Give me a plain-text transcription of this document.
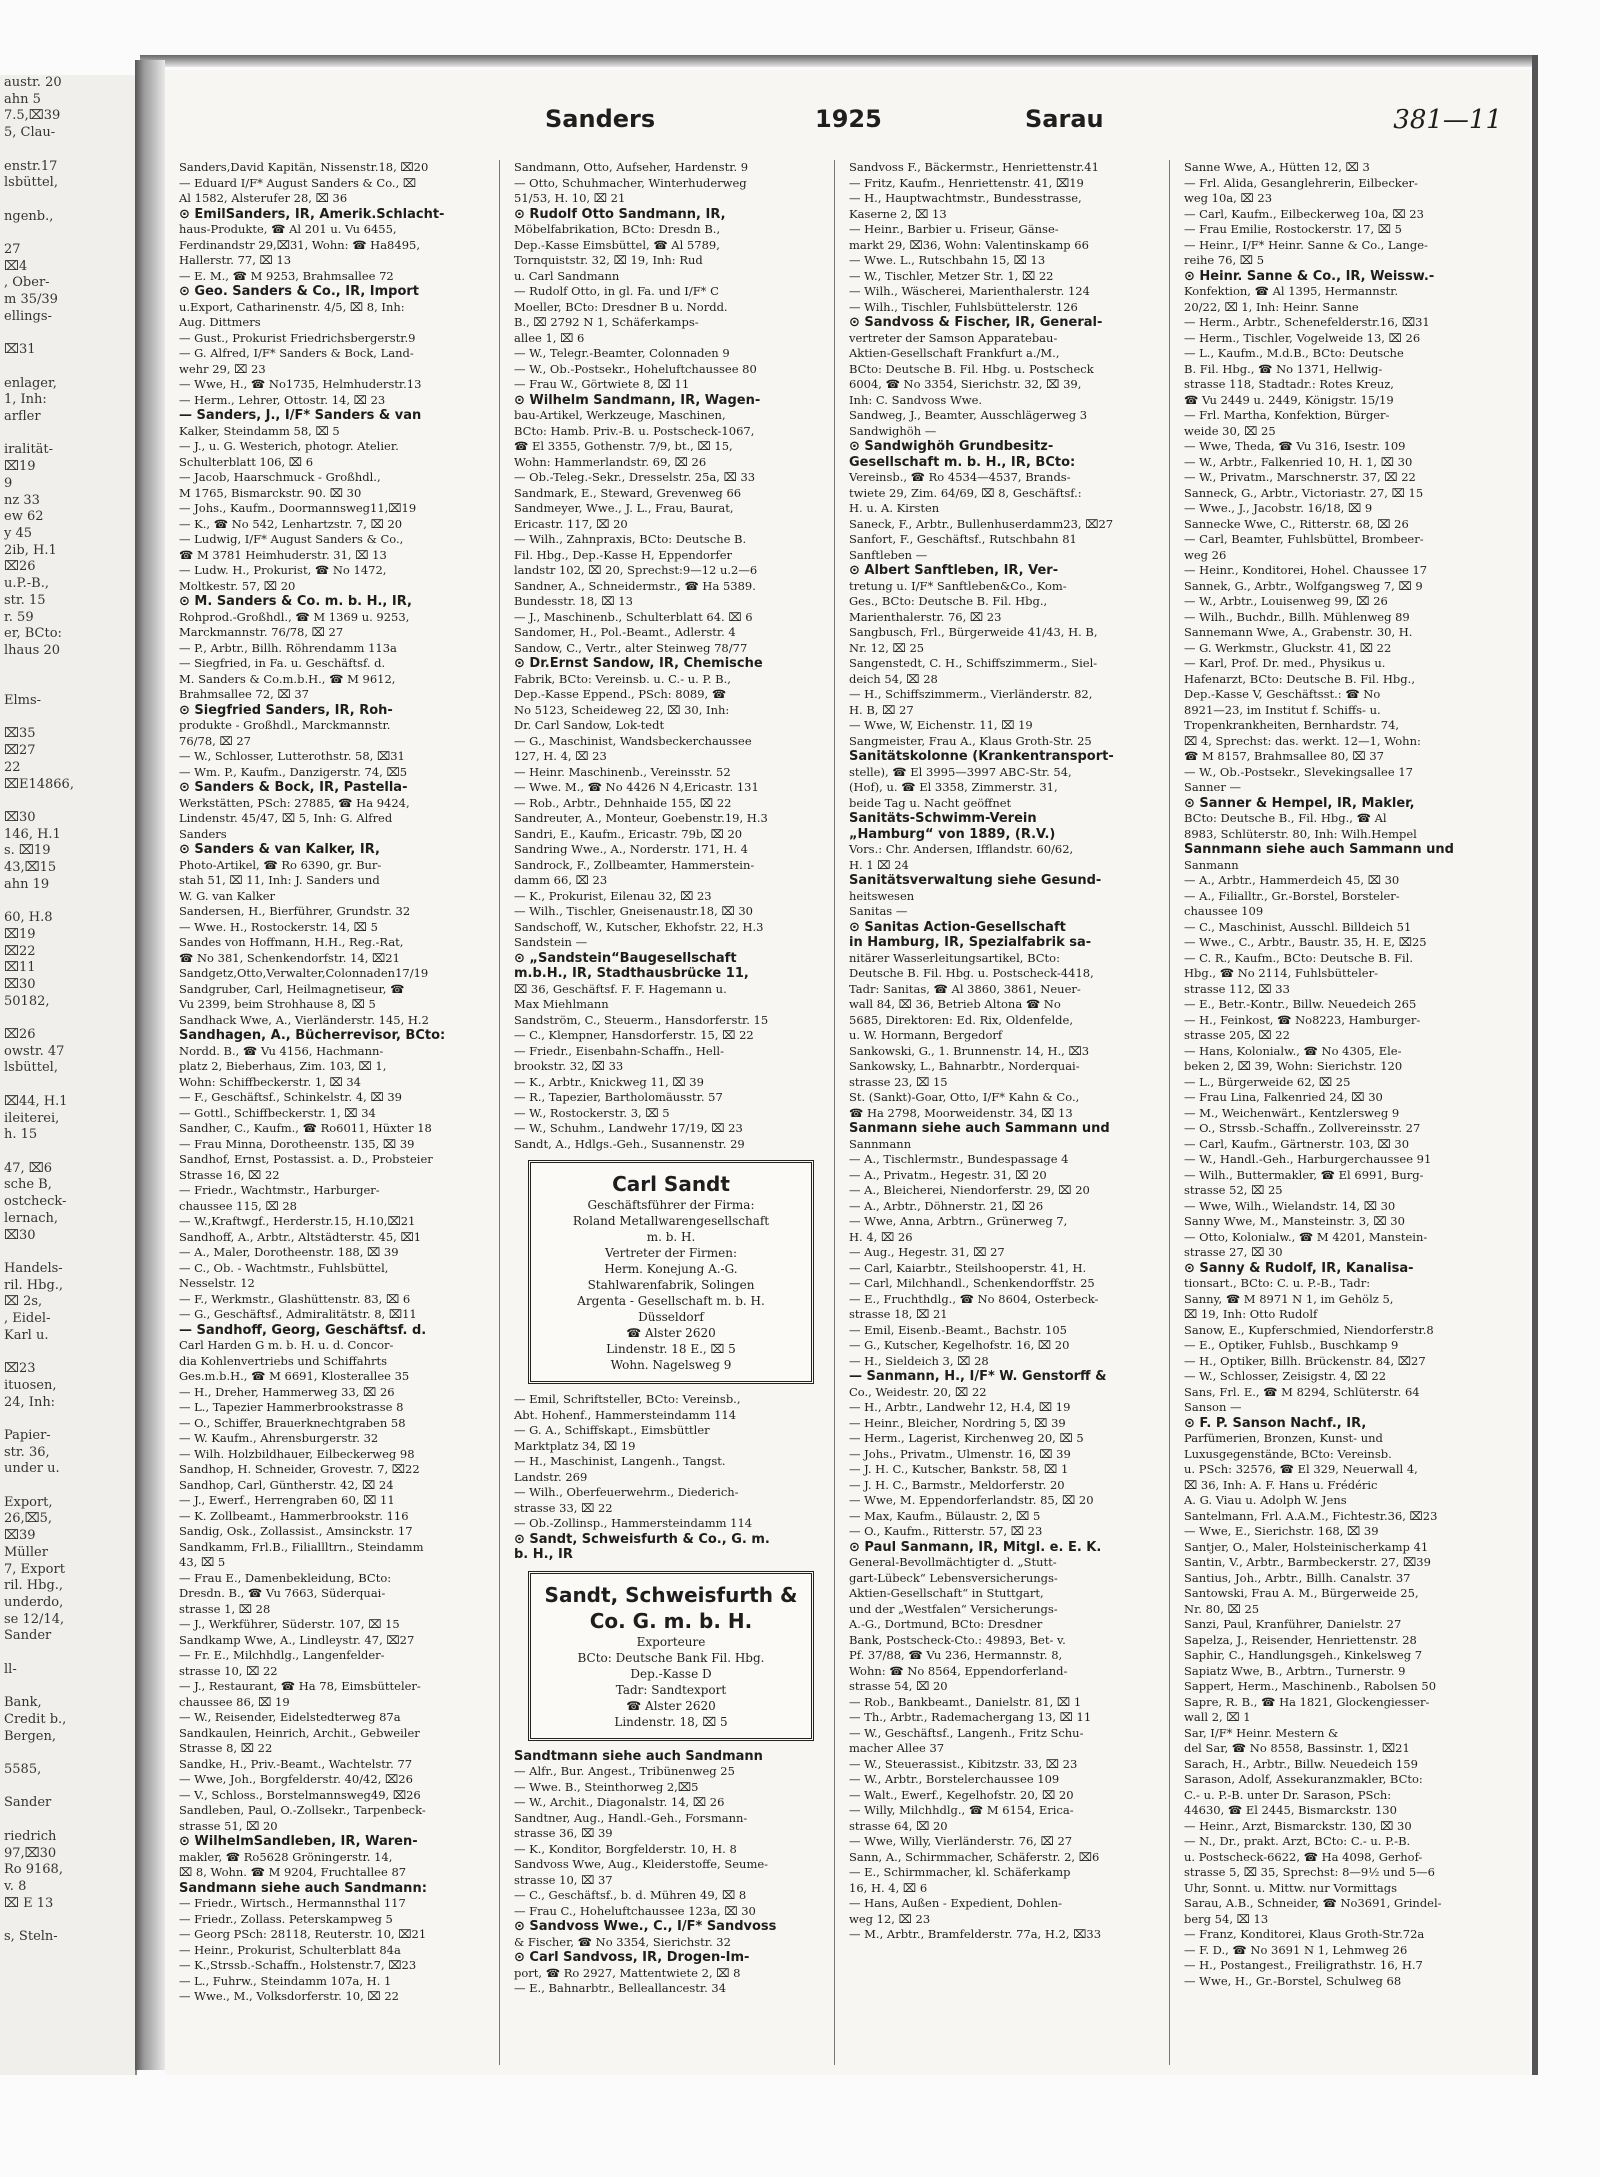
austr. 20
ahn 5
7.5,⌧39
5, Clau-

enstr.17
lsbüttel,

ngenb.,

27
⌧4
, Ober-
m 35/39
ellings-

⌧31

enlager,
1, Inh:
arfler

iralität-
⌧19
9
nz 33
ew 62
y 45
2ib, H.1
⌧26
u.P.-B.,
str. 15
r. 59
er, BCto:
lhaus 20

Elms-

⌧35
⌧27
22
⌧E14866,

⌧30
146, H.1
s. ⌧19
43,⌧15
ahn 19

60, H.8
⌧19
⌧22
⌧11
⌧30
50182,

⌧26
owstr. 47
lsbüttel,

⌧44, H.1
ileiterei,
h. 15

47, ⌧6
sche B,
ostcheck-
lernach,
⌧30

Handels-
ril. Hbg.,
⌧ 2s,
, Eidel-
Karl u.

⌧23
ituosen,
24, Inh:

Papier-
str. 36,
under u.

Export,
26,⌧5,
⌧39
Müller
7, Export
ril. Hbg.,
underdo,
se 12/14,
Sander

ll-

Bank,
Credit b.,
Bergen,

5585,

Sander

riedrich
97,⌧30
Ro 9168,
v. 8
⌧ E 13

s, Steln-
Sanders	1925	Sarau	381—11
Sanders,David Kapitän, Nissenstr.18, ⌧20
— Eduard I/F* August Sanders & Co., ⌧
Al 1582, Alsterufer 28, ⌧ 36
⊙ EmilSanders, IR, Amerik.Schlacht-
haus-Produkte, ☎ Al 201 u. Vu 6455,
Ferdinandstr 29,⌧31, Wohn: ☎ Ha8495,
Hallerstr. 77, ⌧ 13
— E. M., ☎ M 9253, Brahmsallee 72
⊙ Geo. Sanders & Co., IR, Import
u.Export, Catharinenstr. 4/5, ⌧ 8, Inh:
Aug. Dittmers
— Gust., Prokurist Friedrichsbergerstr.9
— G. Alfred, I/F* Sanders & Bock, Land-
wehr 29, ⌧ 23
— Wwe, H., ☎ No1735, Helmhuderstr.13
— Herm., Lehrer, Ottostr. 14, ⌧ 23
— Sanders, J., I/F* Sanders & van
Kalker, Steindamm 58, ⌧ 5
— J., u. G. Westerich, photogr. Atelier.
Schulterblatt 106, ⌧ 6
— Jacob, Haarschmuck - Großhdl.,
M 1765, Bismarckstr. 90. ⌧ 30
— Johs., Kaufm., Doormannsweg11,⌧19
— K., ☎ No 542, Lenhartzstr. 7, ⌧ 20
— Ludwig, I/F* August Sanders & Co.,
☎ M 3781 Heimhuderstr. 31, ⌧ 13
— Ludw. H., Prokurist, ☎ No 1472,
Moltkestr. 57, ⌧ 20
⊙ M. Sanders & Co. m. b. H., IR,
Rohprod.-Großhdl., ☎ M 1369 u. 9253,
Marckmannstr. 76/78, ⌧ 27
— P., Arbtr., Billh. Röhrendamm 113a
— Siegfried, in Fa. u. Geschäftsf. d.
M. Sanders & Co.m.b.H., ☎ M 9612,
Brahmsallee 72, ⌧ 37
⊙ Siegfried Sanders, IR, Roh-
produkte - Großhdl., Marckmannstr.
76/78, ⌧ 27
— W., Schlosser, Lutterothstr. 58, ⌧31
— Wm. P., Kaufm., Danzigerstr. 74, ⌧5
⊙ Sanders & Bock, IR, Pastella-
Werkstätten, PSch: 27885, ☎ Ha 9424,
Lindenstr. 45/47, ⌧ 5, Inh: G. Alfred
Sanders
⊙ Sanders & van Kalker, IR,
Photo-Artikel, ☎ Ro 6390, gr. Bur-
stah 51, ⌧ 11, Inh: J. Sanders und
W. G. van Kalker
Sandersen, H., Bierführer, Grundstr. 32
— Wwe. H., Rostockerstr. 14, ⌧ 5
Sandes von Hoffmann, H.H., Reg.-Rat,
☎ No 381, Schenkendorfstr. 14, ⌧21
Sandgetz,Otto,Verwalter,Colonnaden17/19
Sandgruber, Carl, Heilmagnetiseur, ☎
Vu 2399, beim Strohhause 8, ⌧ 5
Sandhack Wwe, A., Vierländerstr. 145, H.2
Sandhagen, A., Bücherrevisor, BCto:
Nordd. B., ☎ Vu 4156, Hachmann-
platz 2, Bieberhaus, Zim. 103, ⌧ 1,
Wohn: Schiffbeckerstr. 1, ⌧ 34
— F., Geschäftsf., Schinkelstr. 4, ⌧ 39
— Gottl., Schiffbeckerstr. 1, ⌧ 34
Sandher, C., Kaufm., ☎ Ro6011, Hüxter 18
— Frau Minna, Dorotheenstr. 135, ⌧ 39
Sandhof, Ernst, Postassist. a. D., Probsteier
Strasse 16, ⌧ 22
— Friedr., Wachtmstr., Harburger-
chaussee 115, ⌧ 28
— W.,Kraftwgf., Herderstr.15, H.10,⌧21
Sandhoff, A., Arbtr., Altstädterstr. 45, ⌧1
— A., Maler, Dorotheenstr. 188, ⌧ 39
— C., Ob. - Wachtmstr., Fuhlsbüttel,
Nesselstr. 12
— F., Werkmstr., Glashüttenstr. 83, ⌧ 6
— G., Geschäftsf., Admiralitätstr. 8, ⌧11
— Sandhoff, Georg, Geschäftsf. d.
Carl Harden G m. b. H. u. d. Concor-
dia Kohlenvertriebs und Schiffahrts
Ges.m.b.H., ☎ M 6691, Klosterallee 35
— H., Dreher, Hammerweg 33, ⌧ 26
— L., Tapezier Hammerbrookstrasse 8
— O., Schiffer, Brauerknechtgraben 58
— W. Kaufm., Ahrensburgerstr. 32
— Wilh. Holzbildhauer, Eilbeckerweg 98
Sandhop, H. Schneider, Grovestr. 7, ⌧22
Sandhop, Carl, Güntherstr. 42, ⌧ 24
— J., Ewerf., Herrengraben 60, ⌧ 11
— K. Zollbeamt., Hammerbrookstr. 116
Sandig, Osk., Zollassist., Amsinckstr. 17
Sandkamm, Frl.B., Filiallltrn., Steindamm
43, ⌧ 5
— Frau E., Damenbekleidung, BCto:
Dresdn. B., ☎ Vu 7663, Süderquai-
strasse 1, ⌧ 28
— J., Werkführer, Süderstr. 107, ⌧ 15
Sandkamp Wwe, A., Lindleystr. 47, ⌧27
— Fr. E., Milchhdlg., Langenfelder-
strasse 10, ⌧ 22
— J., Restaurant, ☎ Ha 78, Eimsbütteler-
chaussee 86, ⌧ 19
— W., Reisender, Eidelstedterweg 87a
Sandkaulen, Heinrich, Archit., Gebweiler
Strasse 8, ⌧ 22
Sandke, H., Priv.-Beamt., Wachtelstr. 77
— Wwe, Joh., Borgfelderstr. 40/42, ⌧26
— V., Schloss., Borstelmannsweg49, ⌧26
Sandleben, Paul, O.-Zollsekr., Tarpenbeck-
strasse 51, ⌧ 20
⊙ WilhelmSandleben, IR, Waren-
makler, ☎ Ro5628 Gröningerstr. 14,
⌧ 8, Wohn. ☎ M 9204, Fruchtallee 87
Sandmann siehe auch Sandmann:
— Friedr., Wirtsch., Hermannsthal 117
— Friedr., Zollass. Peterskampweg 5
— Georg PSch: 28118, Reuterstr. 10, ⌧21
— Heinr., Prokurist, Schulterblatt 84a
— K.,Strssb.-Schaffn., Holstenstr.7, ⌧23
— L., Fuhrw., Steindamm 107a, H. 1
— Wwe., M., Volksdorferstr. 10, ⌧ 22
Sandmann, Otto, Aufseher, Hardenstr. 9
— Otto, Schuhmacher, Winterhuderweg
51/53, H. 10, ⌧ 21
⊙ Rudolf Otto Sandmann, IR,
Möbelfabrikation, BCto: Dresdn B.,
Dep.-Kasse Eimsbüttel, ☎ Al 5789,
Tornquiststr. 32, ⌧ 19, Inh: Rud
u. Carl Sandmann
— Rudolf Otto, in gl. Fa. und I/F* C
Moeller, BCto: Dresdner B u. Nordd.
B., ⌧ 2792 N 1, Schäferkamps-
allee 1, ⌧ 6
— W., Telegr.-Beamter, Colonnaden 9
— W., Ob.-Postsekr., Hoheluftchaussee 80
— Frau W., Görtwiete 8, ⌧ 11
⊙ Wilhelm Sandmann, IR, Wagen-
bau-Artikel, Werkzeuge, Maschinen,
BCto: Hamb. Priv.-B. u. Postscheck-1067,
☎ El 3355, Gothenstr. 7/9, bt., ⌧ 15,
Wohn: Hammerlandstr. 69, ⌧ 26
— Ob.-Teleg.-Sekr., Dresselstr. 25a, ⌧ 33
Sandmark, E., Steward, Grevenweg 66
Sandmeyer, Wwe., J. L., Frau, Baurat,
Ericastr. 117, ⌧ 20
— Wilh., Zahnpraxis, BCto: Deutsche B.
Fil. Hbg., Dep.-Kasse H, Eppendorfer
landstr 102, ⌧ 20, Sprechst:9—12 u.2—6
Sandner, A., Schneidermstr., ☎ Ha 5389.
Bundesstr. 18, ⌧ 13
— J., Maschinenb., Schulterblatt 64. ⌧ 6
Sandomer, H., Pol.-Beamt., Adlerstr. 4
Sandow, C., Vertr., alter Steinweg 78/77
⊙ Dr.Ernst Sandow, IR, Chemische
Fabrik, BCto: Vereinsb. u. C.- u. P. B.,
Dep.-Kasse Eppend., PSch: 8089, ☎
No 5123, Scheideweg 22, ⌧ 30, Inh:
Dr. Carl Sandow, Lok-tedt
— G., Maschinist, Wandsbeckerchaussee
127, H. 4, ⌧ 23
— Heinr. Maschinenb., Vereinsstr. 52
— Wwe. M., ☎ No 4426 N 4,Ericastr. 131
— Rob., Arbtr., Dehnhaide 155, ⌧ 22
Sandreuter, A., Monteur, Goebenstr.19, H.3
Sandri, E., Kaufm., Ericastr. 79b, ⌧ 20
Sandring Wwe., A., Norderstr. 171, H. 4
Sandrock, F., Zollbeamter, Hammerstein-
damm 66, ⌧ 23
— K., Prokurist, Eilenau 32, ⌧ 23
— Wilh., Tischler, Gneisenaustr.18, ⌧ 30
Sandschoff, W., Kutscher, Ekhofstr. 22, H.3
Sandstein —
⊙ „Sandstein“Baugesellschaft
m.b.H., IR, Stadthausbrücke 11,
⌧ 36, Geschäftsf. F. F. Hagemann u.
Max Miehlmann
Sandström, C., Steuerm., Hansdorferstr. 15
— C., Klempner, Hansdorferstr. 15, ⌧ 22
— Friedr., Eisenbahn-Schaffn., Hell-
brookstr. 32, ⌧ 33
— K., Arbtr., Knickweg 11, ⌧ 39
— R., Tapezier, Bartholomäusstr. 57
— W., Rostockerstr. 3, ⌧ 5
— W., Schuhm., Landwehr 17/19, ⌧ 23
Sandt, A., Hdlgs.-Geh., Susannenstr. 29
Carl Sandt
Geschäftsführer der Firma:
Roland Metallwarengesellschaft
m. b. H.
Vertreter der Firmen:
Herm. Konejung A.-G.
Stahlwarenfabrik, Solingen
Argenta - Gesellschaft m. b. H.
Düsseldorf
☎ Alster 2620
Lindenstr. 18 E., ⌧ 5
Wohn. Nagelsweg 9
— Emil, Schriftsteller, BCto: Vereinsb.,
Abt. Hohenf., Hammersteindamm 114
— G. A., Schiffskapt., Eimsbüttler
Marktplatz 34, ⌧ 19
— H., Maschinist, Langenh., Tangst.
Landstr. 269
— Wilh., Oberfeuerwehrm., Diederich-
strasse 33, ⌧ 22
— Ob.-Zollinsp., Hammersteindamm 114
⊙ Sandt, Schweisfurth & Co., G. m.
b. H., IR
Sandt, Schweisfurth & Co. G. m. b. H.
Exporteure
BCto: Deutsche Bank Fil. Hbg.
Dep.-Kasse D
Tadr: Sandtexport
☎ Alster 2620
Lindenstr. 18, ⌧ 5
Sandtmann siehe auch Sandmann
— Alfr., Bur. Angest., Tribünenweg 25
— Wwe. B., Steinthorweg 2,⌧5
— W., Archit., Diagonalstr. 14, ⌧ 26
Sandtner, Aug., Handl.-Geh., Forsmann-
strasse 36, ⌧ 39
— K., Konditor, Borgfelderstr. 10, H. 8
Sandvoss Wwe, Aug., Kleiderstoffe, Seume-
strasse 10, ⌧ 37
— C., Geschäftsf., b. d. Mühren 49, ⌧ 8
— Frau C., Hoheluftchaussee 123a, ⌧ 30
⊙ Sandvoss Wwe., C., I/F* Sandvoss
& Fischer, ☎ No 3354, Sierichstr. 32
⊙ Carl Sandvoss, IR, Drogen-Im-
port, ☎ Ro 2927, Mattentwiete 2, ⌧ 8
— E., Bahnarbtr., Belleallancestr. 34
Sandvoss F., Bäckermstr., Henriettenstr.41
— Fritz, Kaufm., Henriettenstr. 41, ⌧19
— H., Hauptwachtmstr., Bundesstrasse,
Kaserne 2, ⌧ 13
— Heinr., Barbier u. Friseur, Gänse-
markt 29, ⌧36, Wohn: Valentinskamp 66
— Wwe. L., Rutschbahn 15, ⌧ 13
— W., Tischler, Metzer Str. 1, ⌧ 22
— Wilh., Wäscherei, Marienthalerstr. 124
— Wilh., Tischler, Fuhlsbüttelerstr. 126
⊙ Sandvoss & Fischer, IR, General-
vertreter der Samson Apparatebau-
Aktien-Gesellschaft Frankfurt a./M.,
BCto: Deutsche B. Fil. Hbg. u. Postscheck
6004, ☎ No 3354, Sierichstr. 32, ⌧ 39,
Inh: C. Sandvoss Wwe.
Sandweg, J., Beamter, Ausschlägerweg 3
Sandwighöh —
⊙ Sandwighöh Grundbesitz-
Gesellschaft m. b. H., IR, BCto:
Vereinsb., ☎ Ro 4534—4537, Brands-
twiete 29, Zim. 64/69, ⌧ 8, Geschäftsf.:
H. u. A. Kirsten
Saneck, F., Arbtr., Bullenhuserdamm23, ⌧27
Sanfort, F., Geschäftsf., Rutschbahn 81
Sanftleben —
⊙ Albert Sanftleben, IR, Ver-
tretung u. I/F* Sanftleben&Co., Kom-
Ges., BCto: Deutsche B. Fil. Hbg.,
Marienthalerstr. 76, ⌧ 23
Sangbusch, Frl., Bürgerweide 41/43, H. B,
Nr. 12, ⌧ 25
Sangenstedt, C. H., Schiffszimmerm., Siel-
deich 54, ⌧ 28
— H., Schiffszimmerm., Vierländerstr. 82,
H. B, ⌧ 27
— Wwe, W, Eichenstr. 11, ⌧ 19
Sangmeister, Frau A., Klaus Groth-Str. 25
Sanitätskolonne (Krankentransport-
stelle), ☎ El 3995—3997 ABC-Str. 54,
(Hof), u. ☎ El 3358, Zimmerstr. 31,
beide Tag u. Nacht geöffnet
Sanitäts-Schwimm-Verein
„Hamburg“ von 1889, (R.V.)
Vors.: Chr. Andersen, Ifflandstr. 60/62,
H. 1 ⌧ 24
Sanitätsverwaltung siehe Gesund-
heitswesen
Sanitas —
⊙ Sanitas Action-Gesellschaft
in Hamburg, IR, Spezialfabrik sa-
nitärer Wasserleitungsartikel, BCto:
Deutsche B. Fil. Hbg. u. Postscheck-4418,
Tadr: Sanitas, ☎ Al 3860, 3861, Neuer-
wall 84, ⌧ 36, Betrieb Altona ☎ No
5685, Direktoren: Ed. Rix, Oldenfelde,
u. W. Hormann, Bergedorf
Sankowski, G., 1. Brunnenstr. 14, H., ⌧3
Sankowsky, L., Bahnarbtr., Norderquai-
strasse 23, ⌧ 15
St. (Sankt)-Goar, Otto, I/F* Kahn & Co.,
☎ Ha 2798, Moorweidenstr. 34, ⌧ 13
Sanmann siehe auch Sammann und
Sannmann
— A., Tischlermstr., Bundespassage 4
— A., Privatm., Hegestr. 31, ⌧ 20
— A., Bleicherei, Niendorferstr. 29, ⌧ 20
— A., Arbtr., Döhnerstr. 21, ⌧ 26
— Wwe, Anna, Arbtrn., Grünerweg 7,
H. 4, ⌧ 26
— Aug., Hegestr. 31, ⌧ 27
— Carl, Kaiarbtr., Steilshooperstr. 41, H.
— Carl, Milchhandl., Schenkendorffstr. 25
— E., Fruchthdlg., ☎ No 8604, Osterbeck-
strasse 18, ⌧ 21
— Emil, Eisenb.-Beamt., Bachstr. 105
— G., Kutscher, Kegelhofstr. 16, ⌧ 20
— H., Sieldeich 3, ⌧ 28
— Sanmann, H., I/F* W. Genstorff &
Co., Weidestr. 20, ⌧ 22
— H., Arbtr., Landwehr 12, H.4, ⌧ 19
— Heinr., Bleicher, Nordring 5, ⌧ 39
— Herm., Lagerist, Kirchenweg 20, ⌧ 5
— Johs., Privatm., Ulmenstr. 16, ⌧ 39
— J. H. C., Kutscher, Bankstr. 58, ⌧ 1
— J. H. C., Barmstr., Meldorferstr. 20
— Wwe, M. Eppendorferlandstr. 85, ⌧ 20
— Max, Kaufm., Bülaustr. 2, ⌧ 5
— O., Kaufm., Ritterstr. 57, ⌧ 23
⊙ Paul Sanmann, IR, Mitgl. e. E. K.
General-Bevollmächtigter d. „Stutt-
gart-Lübeck“ Lebensversicherungs-
Aktien-Gesellschaft“ in Stuttgart,
und der „Westfalen“ Versicherungs-
A.-G., Dortmund, BCto: Dresdner
Bank, Postscheck-Cto.: 49893, Bet- v.
Pf. 37/88, ☎ Vu 236, Hermannstr. 8,
Wohn: ☎ No 8564, Eppendorferland-
strasse 54, ⌧ 20
— Rob., Bankbeamt., Danielstr. 81, ⌧ 1
— Th., Arbtr., Rademachergang 13, ⌧ 11
— W., Geschäftsf., Langenh., Fritz Schu-
macher Allee 37
— W., Steuerassist., Kibitzstr. 33, ⌧ 23
— W., Arbtr., Borstelerchaussee 109
— Walt., Ewerf., Kegelhofstr. 20, ⌧ 20
— Willy, Milchhdlg., ☎ M 6154, Erica-
strasse 64, ⌧ 20
— Wwe, Willy, Vierländerstr. 76, ⌧ 27
Sann, A., Schirmmacher, Schäferstr. 2, ⌧6
— E., Schirmmacher, kl. Schäferkamp
16, H. 4, ⌧ 6
— Hans, Außen - Expedient, Dohlen-
weg 12, ⌧ 23
— M., Arbtr., Bramfelderstr. 77a, H.2, ⌧33
Sanne Wwe, A., Hütten 12, ⌧ 3
— Frl. Alida, Gesanglehrerin, Eilbecker-
weg 10a, ⌧ 23
— Carl, Kaufm., Eilbeckerweg 10a, ⌧ 23
— Frau Emilie, Rostockerstr. 17, ⌧ 5
— Heinr., I/F* Heinr. Sanne & Co., Lange-
reihe 76, ⌧ 5
⊙ Heinr. Sanne & Co., IR, Weissw.-
Konfektion, ☎ Al 1395, Hermannstr.
20/22, ⌧ 1, Inh: Heinr. Sanne
— Herm., Arbtr., Schenefelderstr.16, ⌧31
— Herm., Tischler, Vogelweide 13, ⌧ 26
— L., Kaufm., M.d.B., BCto: Deutsche
B. Fil. Hbg., ☎ No 1371, Hellwig-
strasse 118, Stadtadr.: Rotes Kreuz,
☎ Vu 2449 u. 2449, Königstr. 15/19
— Frl. Martha, Konfektion, Bürger-
weide 30, ⌧ 25
— Wwe, Theda, ☎ Vu 316, Isestr. 109
— W., Arbtr., Falkenried 10, H. 1, ⌧ 30
— W., Privatm., Marschnerstr. 37, ⌧ 22
Sanneck, G., Arbtr., Victoriastr. 27, ⌧ 15
— Wwe., J., Jacobstr. 16/18, ⌧ 9
Sannecke Wwe, C., Ritterstr. 68, ⌧ 26
— Carl, Beamter, Fuhlsbüttel, Brombeer-
weg 26
— Heinr., Konditorei, Hohel. Chaussee 17
Sannek, G., Arbtr., Wolfgangsweg 7, ⌧ 9
— W., Arbtr., Louisenweg 99, ⌧ 26
— Wilh., Buchdr., Billh. Mühlenweg 89
Sannemann Wwe, A., Grabenstr. 30, H.
— G. Werkmstr., Gluckstr. 41, ⌧ 22
— Karl, Prof. Dr. med., Physikus u.
Hafenarzt, BCto: Deutsche B. Fil. Hbg.,
Dep.-Kasse V, Geschäftsst.: ☎ No
8921—23, im Institut f. Schiffs- u.
Tropenkrankheiten, Bernhardstr. 74,
⌧ 4, Sprechst: das. werkt. 12—1, Wohn:
☎ M 8157, Brahmsallee 80, ⌧ 37
— W., Ob.-Postsekr., Slevekingsallee 17
Sanner —
⊙ Sanner & Hempel, IR, Makler,
BCto: Deutsche B., Fil. Hbg., ☎ Al
8983, Schlüterstr. 80, Inh: Wilh.Hempel
Sannmann siehe auch Sammann und
Sanmann
— A., Arbtr., Hammerdeich 45, ⌧ 30
— A., Filialltr., Gr.-Borstel, Borsteler-
chaussee 109
— C., Maschinist, Ausschl. Billdeich 51
— Wwe., C., Arbtr., Baustr. 35, H. E, ⌧25
— C. R., Kaufm., BCto: Deutsche B. Fil.
Hbg., ☎ No 2114, Fuhlsbütteler-
strasse 112, ⌧ 33
— E., Betr.-Kontr., Billw. Neuedeich 265
— H., Feinkost, ☎ No8223, Hamburger-
strasse 205, ⌧ 22
— Hans, Kolonialw., ☎ No 4305, Ele-
beken 2, ⌧ 39, Wohn: Sierichstr. 120
— L., Bürgerweide 62, ⌧ 25
— Frau Lina, Falkenried 24, ⌧ 30
— M., Weichenwärt., Kentzlersweg 9
— O., Strssb.-Schaffn., Zollvereinsstr. 27
— Carl, Kaufm., Gärtnerstr. 103, ⌧ 30
— W., Handl.-Geh., Harburgerchaussee 91
— Wilh., Buttermakler, ☎ El 6991, Burg-
strasse 52, ⌧ 25
— Wwe, Wilh., Wielandstr. 14, ⌧ 30
Sanny Wwe, M., Mansteinstr. 3, ⌧ 30
— Otto, Kolonialw., ☎ M 4201, Manstein-
strasse 27, ⌧ 30
⊙ Sanny & Rudolf, IR, Kanalisa-
tionsart., BCto: C. u. P.-B., Tadr:
Sanny, ☎ M 8971 N 1, im Gehölz 5,
⌧ 19, Inh: Otto Rudolf
Sanow, E., Kupferschmied, Niendorferstr.8
— E., Optiker, Fuhlsb., Buschkamp 9
— H., Optiker, Billh. Brückenstr. 84, ⌧27
— W., Schlosser, Zeisigstr. 4, ⌧ 22
Sans, Frl. E., ☎ M 8294, Schlüterstr. 64
Sanson —
⊙ F. P. Sanson Nachf., IR,
Parfümerien, Bronzen, Kunst- und
Luxusgegenstände, BCto: Vereinsb.
u. PSch: 32576, ☎ El 329, Neuerwall 4,
⌧ 36, Inh: A. F. Hans u. Frédéric
A. G. Viau u. Adolph W. Jens
Santelmann, Frl. A.A.M., Fichtestr.36, ⌧23
— Wwe, E., Sierichstr. 168, ⌧ 39
Santjer, O., Maler, Holsteinischerkamp 41
Santin, V., Arbtr., Barmbeckerstr. 27, ⌧39
Santius, Joh., Arbtr., Billh. Canalstr. 37
Santowski, Frau A. M., Bürgerweide 25,
Nr. 80, ⌧ 25
Sanzi, Paul, Kranführer, Danielstr. 27
Sapelza, J., Reisender, Henriettenstr. 28
Saphir, C., Handlungsgeh., Kinkelsweg 7
Sapiatz Wwe, B., Arbtrn., Turnerstr. 9
Sappert, Herm., Maschinenb., Rabolsen 50
Sapre, R. B., ☎ Ha 1821, Glockengiesser-
wall 2, ⌧ 1
Sar, I/F* Heinr. Mestern &
del Sar, ☎ No 8558, Bassinstr. 1, ⌧21
Sarach, H., Arbtr., Billw. Neuedeich 159
Sarason, Adolf, Assekuranzmakler, BCto:
C.- u. P.-B. unter Dr. Sarason, PSch:
44630, ☎ El 2445, Bismarckstr. 130
— Heinr., Arzt, Bismarckstr. 130, ⌧ 30
— N., Dr., prakt. Arzt, BCto: C.- u. P.-B.
u. Postscheck-6622, ☎ Ha 4098, Gerhof-
strasse 5, ⌧ 35, Sprechst: 8—9½ und 5—6
Uhr, Sonnt. u. Mittw. nur Vormittags
Sarau, A.B., Schneider, ☎ No3691, Grindel-
berg 54, ⌧ 13
— Franz, Konditorei, Klaus Groth-Str.72a
— F. D., ☎ No 3691 N 1, Lehmweg 26
— H., Postangest., Freiligrathstr. 16, H.7
— Wwe, H., Gr.-Borstel, Schulweg 68
